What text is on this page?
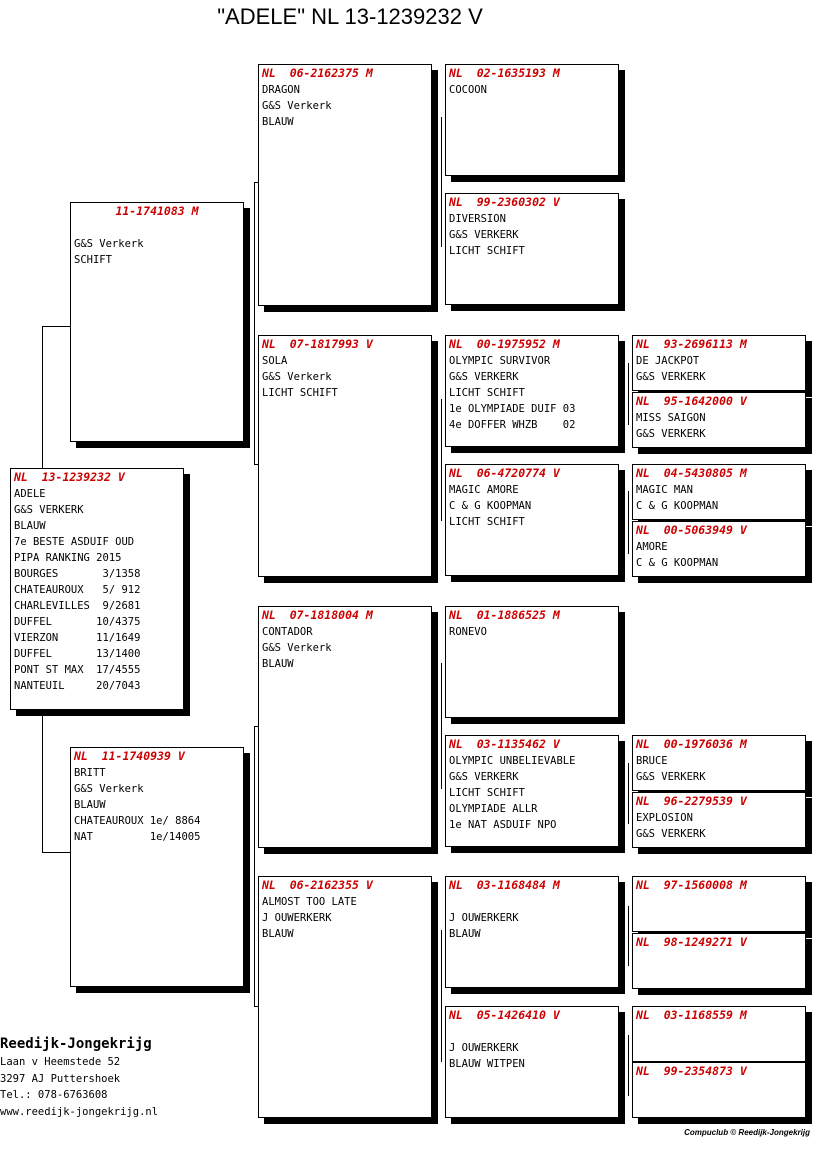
"ADELE" NL 13-1239232 V
NL  13-1239232 V
ADELE
G&S VERKERK
BLAUW
7e BESTE ASDUIF OUD
PIPA RANKING 2015
BOURGES       3/1358
CHATEAUROUX   5/ 912
CHARLEVILLES  9/2681
DUFFEL       10/4375
VIERZON      11/1649
DUFFEL       13/1400
PONT ST MAX  17/4555
NANTEUIL     20/7043
11-1741083 M
G&S Verkerk
SCHIFT
NL  11-1740939 V
BRITT
G&S Verkerk
BLAUW
CHATEAUROUX 1e/ 8864
NAT         1e/14005
NL  06-2162375 M
DRAGON
G&S Verkerk
BLAUW
NL  07-1817993 V
SOLA
G&S Verkerk
LICHT SCHIFT
NL  07-1818004 M
CONTADOR
G&S Verkerk
BLAUW
NL  06-2162355 V
ALMOST TOO LATE
J OUWERKERK
BLAUW
NL  02-1635193 M
COCOON
NL  99-2360302 V
DIVERSION
G&S VERKERK
LICHT SCHIFT
NL  00-1975952 M
OLYMPIC SURVIVOR
G&S VERKERK
LICHT SCHIFT
1e OLYMPIADE DUIF 03
4e DOFFER WHZB    02
NL  06-4720774 V
MAGIC AMORE
C & G KOOPMAN
LICHT SCHIFT
NL  01-1886525 M
RONEVO
NL  03-1135462 V
OLYMPIC UNBELIEVABLE
G&S VERKERK
LICHT SCHIFT
OLYMPIADE ALLR
1e NAT ASDUIF NPO
NL  03-1168484 M
J OUWERKERK
BLAUW
NL  05-1426410 V
J OUWERKERK
BLAUW WITPEN
NL  93-2696113 M
DE JACKPOT
G&S VERKERK
NL  95-1642000 V
MISS SAIGON
G&S VERKERK
NL  04-5430805 M
MAGIC MAN
C & G KOOPMAN
NL  00-5063949 V
AMORE
C & G KOOPMAN
NL  00-1976036 M
BRUCE
G&S VERKERK
NL  96-2279539 V
EXPLOSION
G&S VERKERK
NL  97-1560008 M
NL  98-1249271 V
NL  03-1168559 M
NL  99-2354873 V
Reedijk-Jongekrijg
Laan v Heemstede 52
3297 AJ Puttershoek
Tel.: 078-6763608
www.reedijk-jongekrijg.nl
Compuclub © Reedijk-Jongekrijg
